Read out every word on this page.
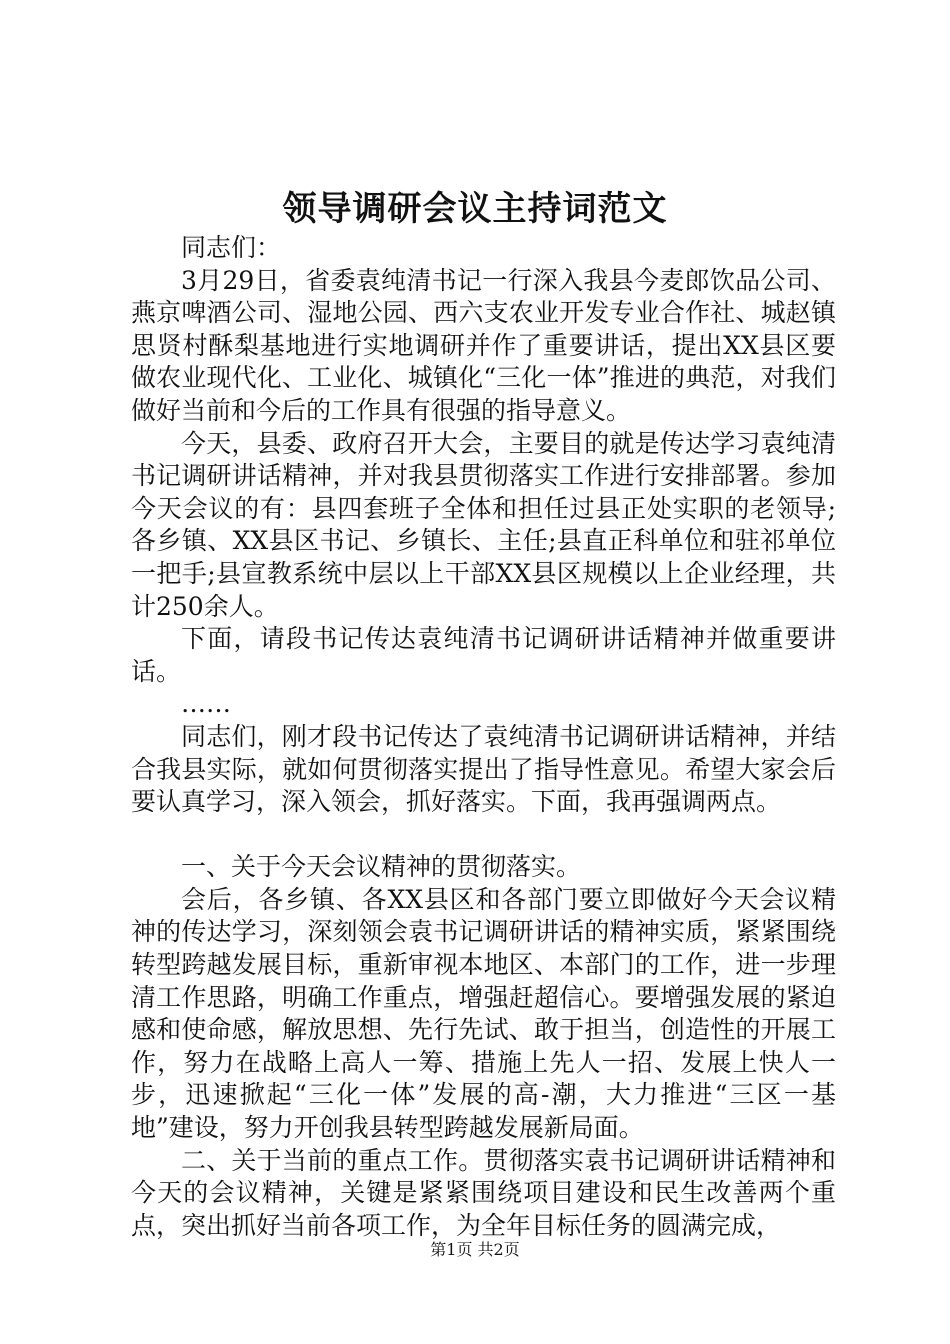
领导调研会议主持词范文

同志们：

3月29日，省委袁纯清书记一行深入我县今麦郎饮品公司、燕京啤酒公司、湿地公园、西六支农业开发专业合作社、城赵镇思贤村酥梨基地进行实地调研并作了重要讲话，提出XX县区要做农业现代化、工业化、城镇化“三化一体”推进的典范，对我们做好当前和今后的工作具有很强的指导意义。

今天，县委、政府召开大会，主要目的就是传达学习袁纯清书记调研讲话精神，并对我县贯彻落实工作进行安排部署。参加今天会议的有：县四套班子全体和担任过县正处实职的老领导;各乡镇、XX县区书记、乡镇长、主任;县直正科单位和驻祁单位一把手;县宣教系统中层以上干部XX县区规模以上企业经理，共计250余人。

下面，请段书记传达袁纯清书记调研讲话精神并做重要讲话。

……

同志们，刚才段书记传达了袁纯清书记调研讲话精神，并结合我县实际，就如何贯彻落实提出了指导性意见。希望大家会后要认真学习，深入领会，抓好落实。下面，我再强调两点。

一、关于今天会议精神的贯彻落实。

会后，各乡镇、各XX县区和各部门要立即做好今天会议精神的传达学习，深刻领会袁书记调研讲话的精神实质，紧紧围绕转型跨越发展目标，重新审视本地区、本部门的工作，进一步理清工作思路，明确工作重点，增强赶超信心。要增强发展的紧迫感和使命感，解放思想、先行先试、敢于担当，创造性的开展工作，努力在战略上高人一筹、措施上先人一招、发展上快人一步，迅速掀起“三化一体”发展的高-潮，大力推进“三区一基地”建设，努力开创我县转型跨越发展新局面。

二、关于当前的重点工作。贯彻落实袁书记调研讲话精神和今天的会议精神，关键是紧紧围绕项目建设和民生改善两个重点，突出抓好当前各项工作，为全年目标任务的圆满完成，

第1页 共2页
